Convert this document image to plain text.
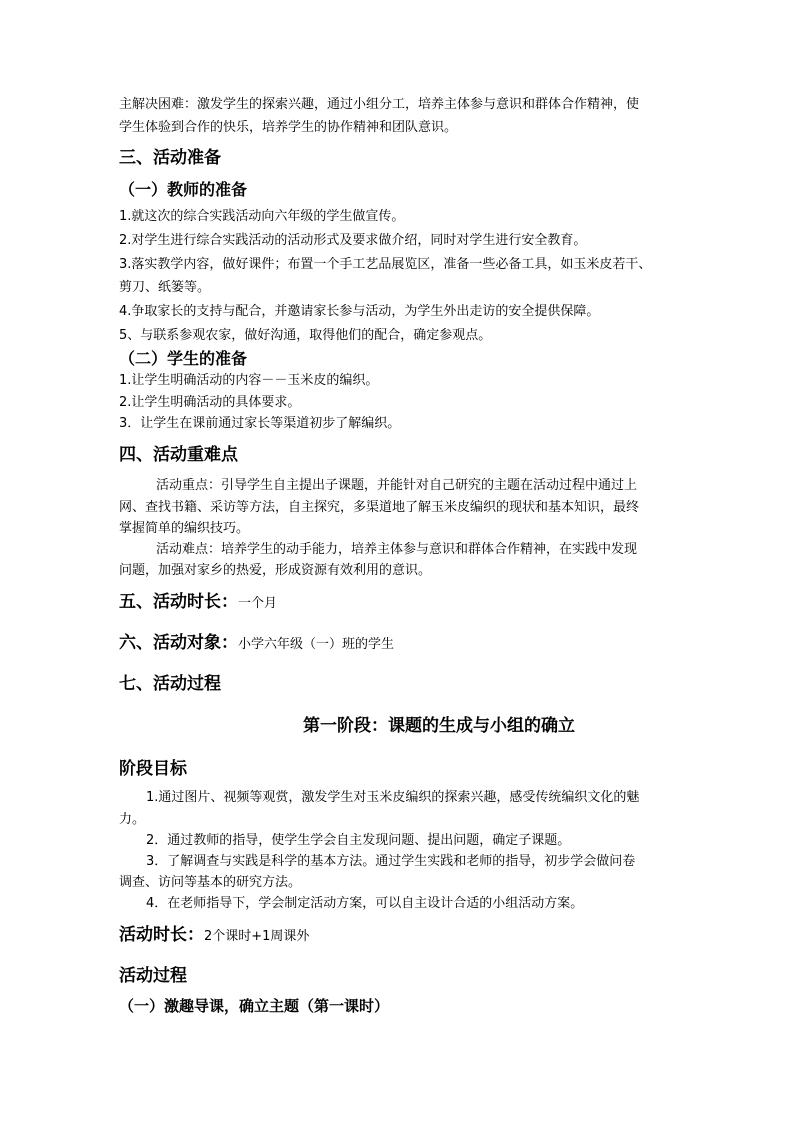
主解决困难：激发学生的探索兴趣，通过小组分工，培养主体参与意识和群体合作精神，使
学生体验到合作的快乐，培养学生的协作精神和团队意识。
三、活动准备
（一）教师的准备
1.就这次的综合实践活动向六年级的学生做宣传。
2.对学生进行综合实践活动的活动形式及要求做介绍，同时对学生进行安全教育。
3.落实教学内容，做好课件；布置一个手工艺品展览区，准备一些必备工具，如玉米皮若干、
剪刀、纸篓等。
4.争取家长的支持与配合，并邀请家长参与活动，为学生外出走访的安全提供保障。
5、与联系参观农家，做好沟通，取得他们的配合，确定参观点。
（二）学生的准备
1.让学生明确活动的内容－－玉米皮的编织。
2.让学生明确活动的具体要求。
3．让学生在课前通过家长等渠道初步了解编织。
四、活动重难点
活动重点：引导学生自主提出子课题，并能针对自己研究的主题在活动过程中通过上
网、查找书籍、采访等方法，自主探究，多渠道地了解玉米皮编织的现状和基本知识，最终
掌握简单的编织技巧。
活动难点：培养学生的动手能力，培养主体参与意识和群体合作精神，在实践中发现
问题，加强对家乡的热爱，形成资源有效利用的意识。
五、活动时长：一个月
六、活动对象：小学六年级（一）班的学生
七、活动过程
第一阶段：课题的生成与小组的确立
阶段目标
1.通过图片、视频等观赏，激发学生对玉米皮编织的探索兴趣，感受传统编织文化的魅
力。
2．通过教师的指导，使学生学会自主发现问题、提出问题，确定子课题。
3．了解调查与实践是科学的基本方法。通过学生实践和老师的指导，初步学会做问卷
调查、访问等基本的研究方法。
4．在老师指导下，学会制定活动方案，可以自主设计合适的小组活动方案。
活动时长：2个课时+1周课外
活动过程
（一）激趣导课，确立主题（第一课时）
